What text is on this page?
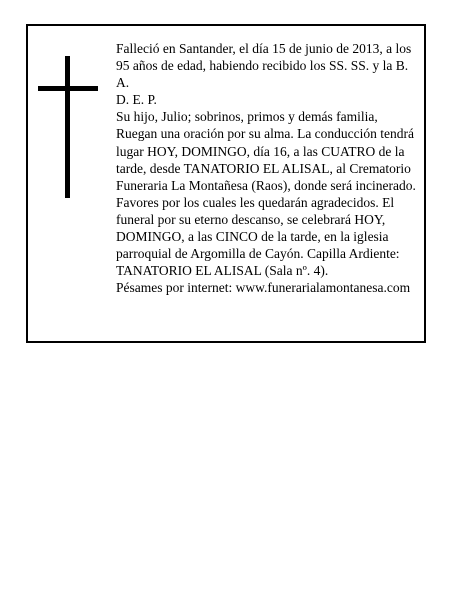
Falleció en Santander, el día 15 de junio de 2013, a los 95 años de edad, habiendo recibido los SS. SS. y la B. A.

D. E. P.

Su hijo, Julio; sobrinos, primos y demás familia, Ruegan una oración por su alma. La conducción tendrá lugar HOY, DOMINGO, día 16, a las CUATRO de la tarde, desde TANATORIO EL ALISAL, al Crematorio Funeraria La Montañesa (Raos), donde será incinerado. Favores por los cuales les quedarán agradecidos. El funeral por su eterno descanso, se celebrará HOY, DOMINGO, a las CINCO de la tarde, en la iglesia parroquial de Argomilla de Cayón. Capilla Ardiente: TANATORIO EL ALISAL (Sala nº. 4).

Pésames por internet: www.funerarialamontanesa.com
